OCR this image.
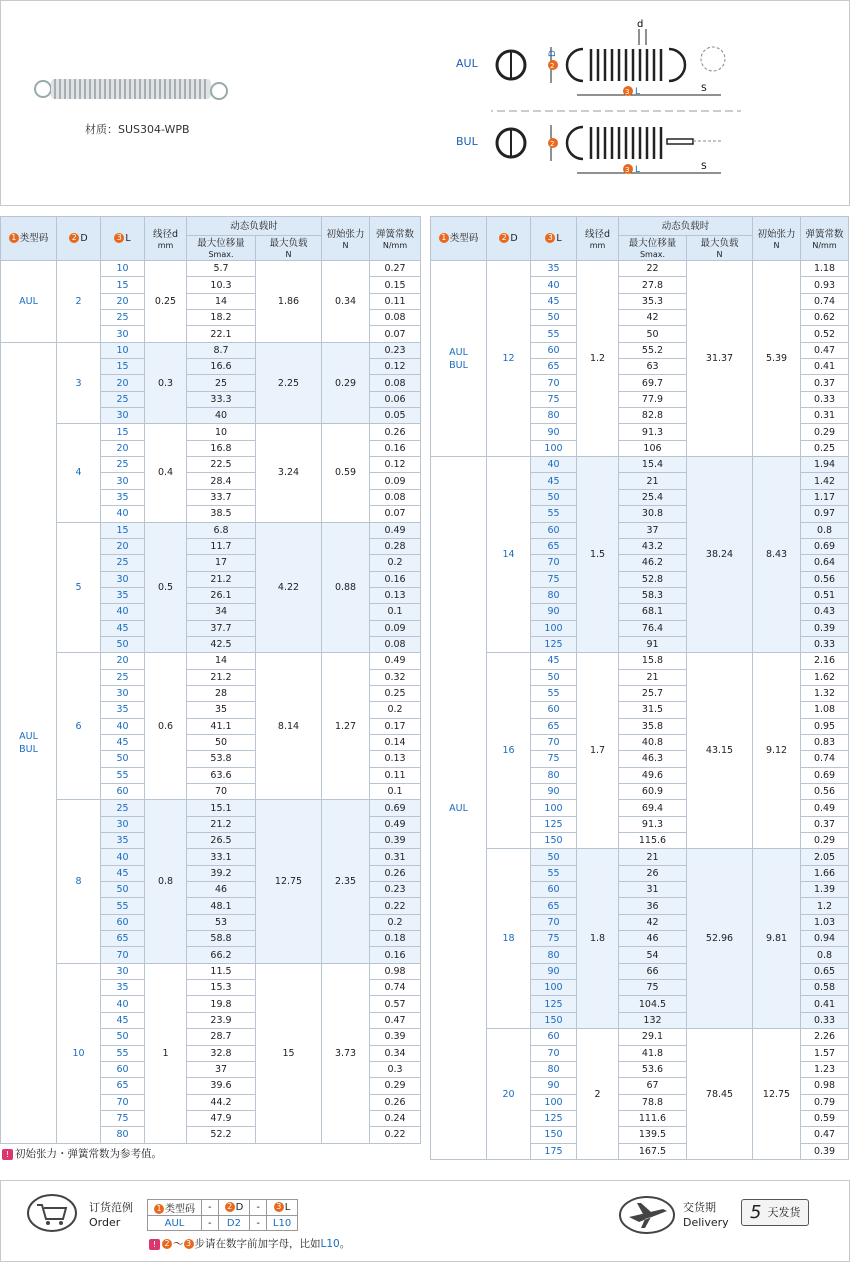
材质：SUS304-WPB
AUL
BUL
d
2
D
3 L	S
2
3 L	S
1 类型码	2 D	3 L	线径d
mm	动态负载时		初始张力
N	弹簧常数
N/mm

				最大位移量
Smax.	最大负载
N		

AUL	2	10	0.25	5.7	1.86	0.34	0.27
		15		10.3			0.15
		20		14			0.11
		25		18.2			0.08
		30		22.1			0.07
AUL
BUL	3	10	0.3	8.7	2.25	0.29	0.23
		15		16.6			0.12
		20		25			0.08
		25		33.3			0.06
		30		40			0.05
	4	15	0.4	10	3.24	0.59	0.26
		20		16.8			0.16
		25		22.5			0.12
		30		28.4			0.09
		35		33.7			0.08
		40		38.5			0.07
	5	15	0.5	6.8	4.22	0.88	0.49
		20		11.7			0.28
		25		17			0.2
		30		21.2			0.16
		35		26.1			0.13
		40		34			0.1
		45		37.7			0.09
		50		42.5			0.08
	6	20	0.6	14	8.14	1.27	0.49
		25		21.2			0.32
		30		28			0.25
		35		35			0.2
		40		41.1			0.17
		45		50			0.14
		50		53.8			0.13
		55		63.6			0.11
		60		70			0.1
	8	25	0.8	15.1	12.75	2.35	0.69
		30		21.2			0.49
		35		26.5			0.39
		40		33.1			0.31
		45		39.2			0.26
		50		46			0.23
		55		48.1			0.22
		60		53			0.2
		65		58.8			0.18
		70		66.2			0.16
	10	30	1	11.5	15	3.73	0.98
		35		15.3			0.74
		40		19.8			0.57
		45		23.9			0.47
		50		28.7			0.39
		55		32.8			0.34
		60		37			0.3
		65		39.6			0.29
		70		44.2			0.26
		75		47.9			0.24
		80		52.2			0.22
1 类型码	2 D	3 L	线径d
mm	动态负载时		初始张力
N	弹簧常数
N/mm

				最大位移量
Smax.	最大负载
N		

AUL
BUL	12	35	1.2	22	31.37	5.39	1.18
		40		27.8			0.93
		45		35.3			0.74
		50		42			0.62
		55		50			0.52
		60		55.2			0.47
		65		63			0.41
		70		69.7			0.37
		75		77.9			0.33
		80		82.8			0.31
		90		91.3			0.29
		100		106			0.25
AUL	14	40	1.5	15.4	38.24	8.43	1.94
		45		21			1.42
		50		25.4			1.17
		55		30.8			0.97
		60		37			0.8
		65		43.2			0.69
		70		46.2			0.64
		75		52.8			0.56
		80		58.3			0.51
		90		68.1			0.43
		100		76.4			0.39
		125		91			0.33
	16	45	1.7	15.8	43.15	9.12	2.16
		50		21			1.62
		55		25.7			1.32
		60		31.5			1.08
		65		35.8			0.95
		70		40.8			0.83
		75		46.3			0.74
		80		49.6			0.69
		90		60.9			0.56
		100		69.4			0.49
		125		91.3			0.37
		150		115.6			0.29
	18	50	1.8	21	52.96	9.81	2.05
		55		26			1.66
		60		31			1.39
		65		36			1.2
		70		42			1.03
		75		46			0.94
		80		54			0.8
		90		66			0.65
		100		75			0.58
		125		104.5			0.41
		150		132			0.33
	20	60	2	29.1	78.45	12.75	2.26
		70		41.8			1.57
		80		53.6			1.23
		90		67			0.98
		100		78.8			0.79
		125		111.6			0.59
		150		139.5			0.47
		175		167.5			0.39
! 初始张力・弹簧常数为参考值。
订货范例
Order
1 类型码	-	2 D	-	3 L
AUL	-	D2	-	L10
! 2 ～ 3 步请在数字前加字母，比如L10。
交货期
Delivery	5 天发货
